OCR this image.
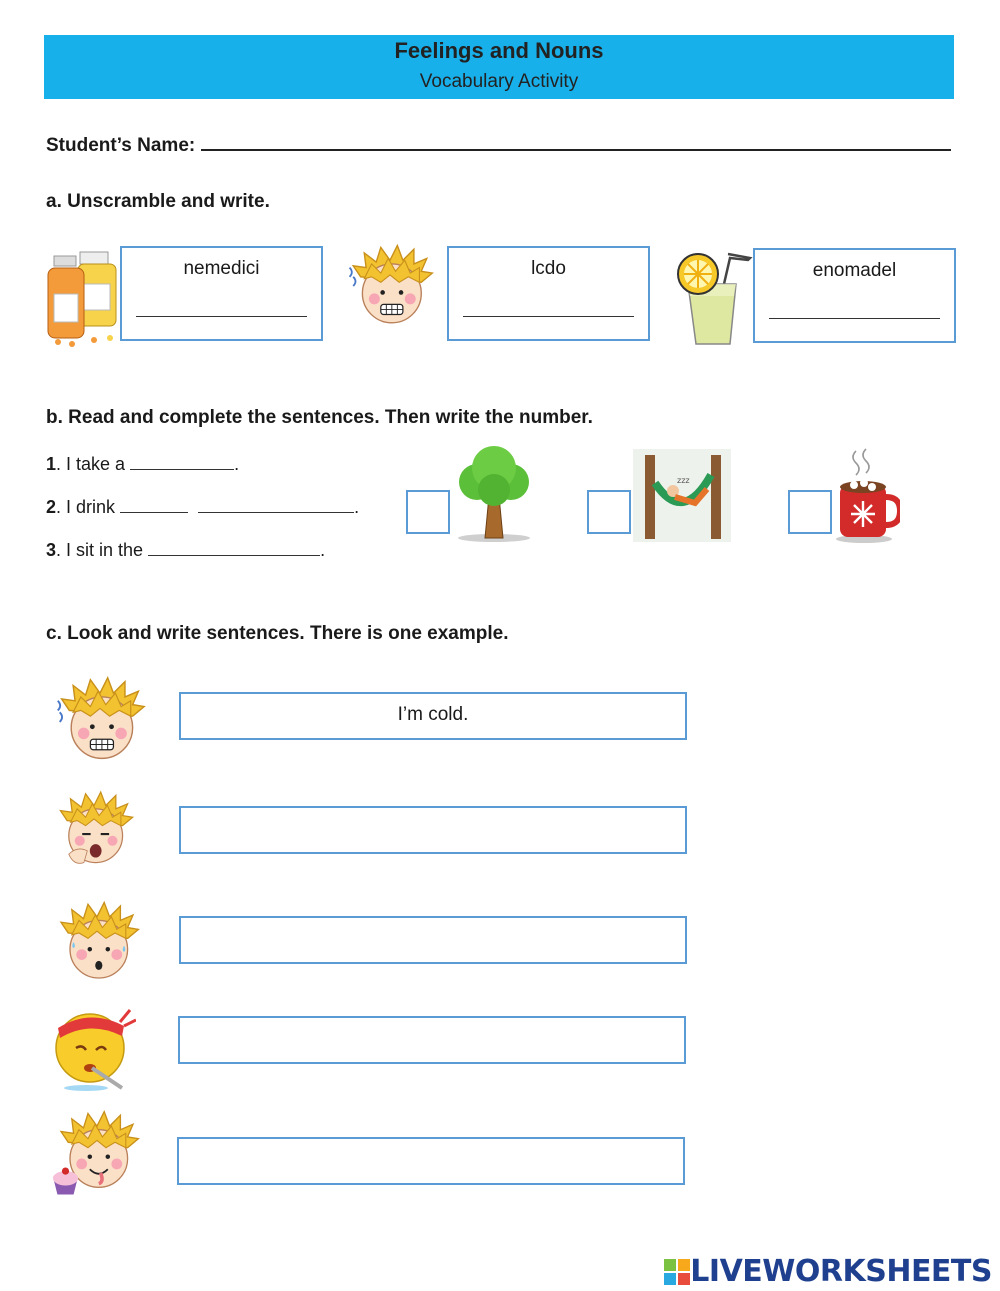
Feelings and Nouns
Vocabulary Activity
Student’s Name:
a. Unscramble and write.
nemedici	lcdo	enomadel
b. Read and complete the sentences. Then write the number.
1. I take a	.
2. I drink	.
3. I sit in the	.
zzz
c. Look and write sentences. There is one example.
I’m cold.
LIVEWORKSHEETS
